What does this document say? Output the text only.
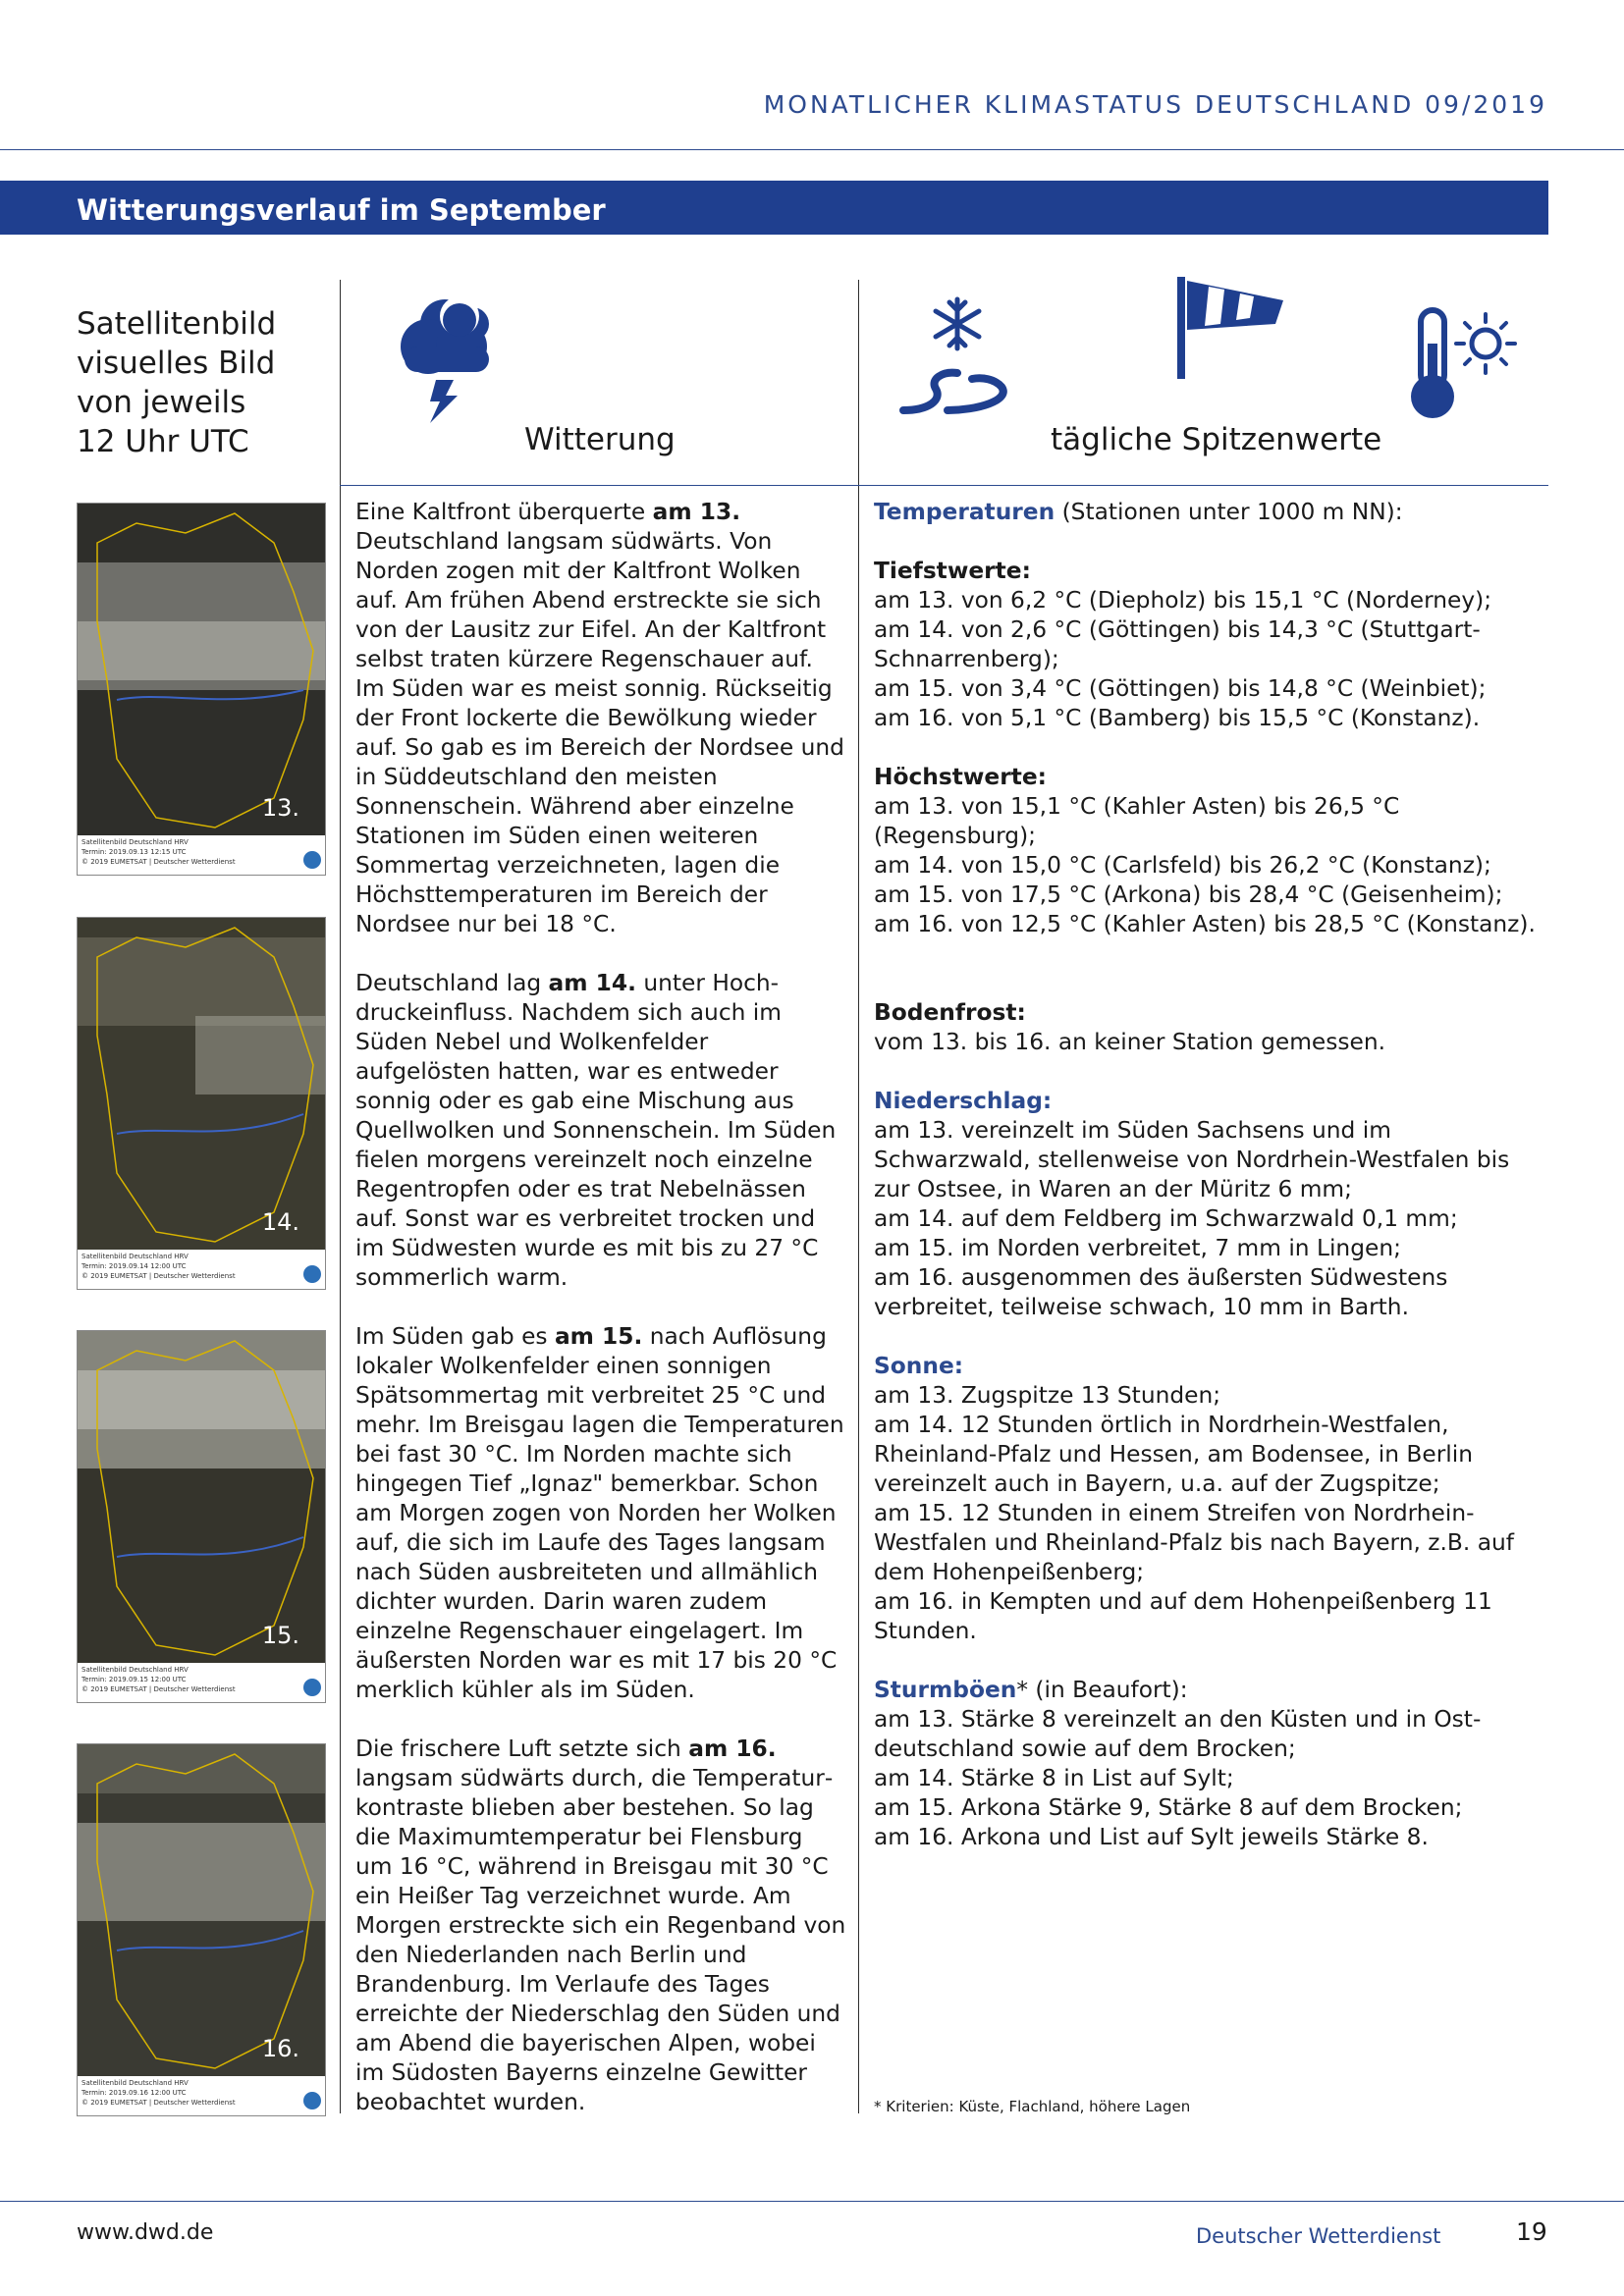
MONATLICHER KLIMASTATUS DEUTSCHLAND 09/2019
Witterungsverlauf im September
Satellitenbild
visuelles Bild
von jeweils
12 Uhr UTC	Witterung	tägliche Spitzenwerte
13.
Satellitenbild Deutschland HRV
Termin: 2019.09.13 12:15 UTC
© 2019 EUMETSAT | Deutscher Wetterdienst
14.
Satellitenbild Deutschland HRV
Termin: 2019.09.14 12:00 UTC
© 2019 EUMETSAT | Deutscher Wetterdienst
15.
Satellitenbild Deutschland HRV
Termin: 2019.09.15 12:00 UTC
© 2019 EUMETSAT | Deutscher Wetterdienst
16.
Satellitenbild Deutschland HRV
Termin: 2019.09.16 12:00 UTC
© 2019 EUMETSAT | Deutscher Wetterdienst

Eine Kaltfront überquerte am 13. Deutschland langsam südwärts. Von Norden zogen mit der Kaltfront Wolken auf. Am frühen Abend erstreckte sie sich von der Lausitz zur Eifel. An der Kaltfront selbst traten kürzere Regenschauer auf. Im Süden war es meist sonnig. Rückseitig der Front lockerte die Bewölkung wieder auf. So gab es im Bereich der Nordsee und in Süddeutschland den meisten Sonnenschein. Während aber einzelne Stationen im Süden einen weiteren Sommertag verzeichneten, lagen die Höchsttemperaturen im Bereich der Nordsee nur bei 18 °C.

Deutschland lag am 14. unter Hochdruckeinfluss. Nachdem sich auch im Süden Nebel und Wolkenfelder aufgelösten hatten, war es entweder sonnig oder es gab eine Mischung aus Quellwolken und Sonnenschein. Im Süden fielen morgens vereinzelt noch einzelne Regentropfen oder es trat Nebelnässen auf. Sonst war es verbreitet trocken und im Südwesten wurde es mit bis zu 27 °C sommerlich warm.

Im Süden gab es am 15. nach Auflösung lokaler Wolkenfelder einen sonnigen Spätsommertag mit verbreitet 25 °C und mehr. Im Breisgau lagen die Temperaturen bei fast 30 °C. Im Norden machte sich hingegen Tief „Ignaz" bemerkbar. Schon am Morgen zogen von Norden her Wolken auf, die sich im Laufe des Tages langsam nach Süden ausbreiteten und allmählich dichter wurden. Darin waren zudem einzelne Regenschauer eingelagert. Im äußersten Norden war es mit 17 bis 20 °C merklich kühler als im Süden.

Die frischere Luft setzte sich am 16. langsam südwärts durch, die Temperaturkontraste blieben aber bestehen. So lag die Maximumtemperatur bei Flensburg um 16 °C, während in Breisgau mit 30 °C ein Heißer Tag verzeichnet wurde. Am Morgen erstreckte sich ein Regenband von den Niederlanden nach Berlin und Brandenburg. Im Verlaufe des Tages erreichte der Niederschlag den Süden und am Abend die bayerischen Alpen, wobei im Südosten Bayerns einzelne Gewitter beobachtet wurden.

Temperaturen (Stationen unter 1000 m NN):
Tiefstwerte:
am 13. von 6,2 °C (Diepholz) bis 15,1 °C (Norderney);
am 14. von 2,6 °C (Göttingen) bis 14,3 °C (Stuttgart-Schnarrenberg);
am 15. von 3,4 °C (Göttingen) bis 14,8 °C (Weinbiet);
am 16. von 5,1 °C (Bamberg) bis 15,5 °C (Konstanz).
Höchstwerte:
am 13. von 15,1 °C (Kahler Asten) bis 26,5 °C (Regensburg);
am 14. von 15,0 °C (Carlsfeld) bis 26,2 °C (Konstanz);
am 15. von 17,5 °C (Arkona) bis 28,4 °C (Geisenheim);
am 16. von 12,5 °C (Kahler Asten) bis 28,5 °C (Konstanz).
Bodenfrost:
vom 13. bis 16. an keiner Station gemessen.
Niederschlag:
am 13. vereinzelt im Süden Sachsens und im Schwarzwald, stellenweise von Nordrhein-Westfalen bis zur Ostsee, in Waren an der Müritz 6 mm;
am 14. auf dem Feldberg im Schwarzwald 0,1 mm;
am 15. im Norden verbreitet, 7 mm in Lingen;
am 16. ausgenommen des äußersten Südwestens verbreitet, teilweise schwach, 10 mm in Barth.
Sonne:
am 13. Zugspitze 13 Stunden;
am 14. 12 Stunden örtlich in Nordrhein-Westfalen, Rheinland-Pfalz und Hessen, am Bodensee, in Berlin vereinzelt auch in Bayern, u.a. auf der Zugspitze;
am 15. 12 Stunden in einem Streifen von Nordrhein-Westfalen und Rheinland-Pfalz bis nach Bayern, z.B. auf dem Hohenpeißenberg;
am 16. in Kempten und auf dem Hohenpeißenberg 11 Stunden.
Sturmböen* (in Beaufort):
am 13. Stärke 8 vereinzelt an den Küsten und in Ostdeutschland sowie auf dem Brocken;
am 14. Stärke 8 in List auf Sylt;
am 15. Arkona Stärke 9, Stärke 8 auf dem Brocken;
am 16. Arkona und List auf Sylt jeweils Stärke 8.
* Kriterien: Küste, Flachland, höhere Lagen
www.dwd.de	Deutscher Wetterdienst	19
